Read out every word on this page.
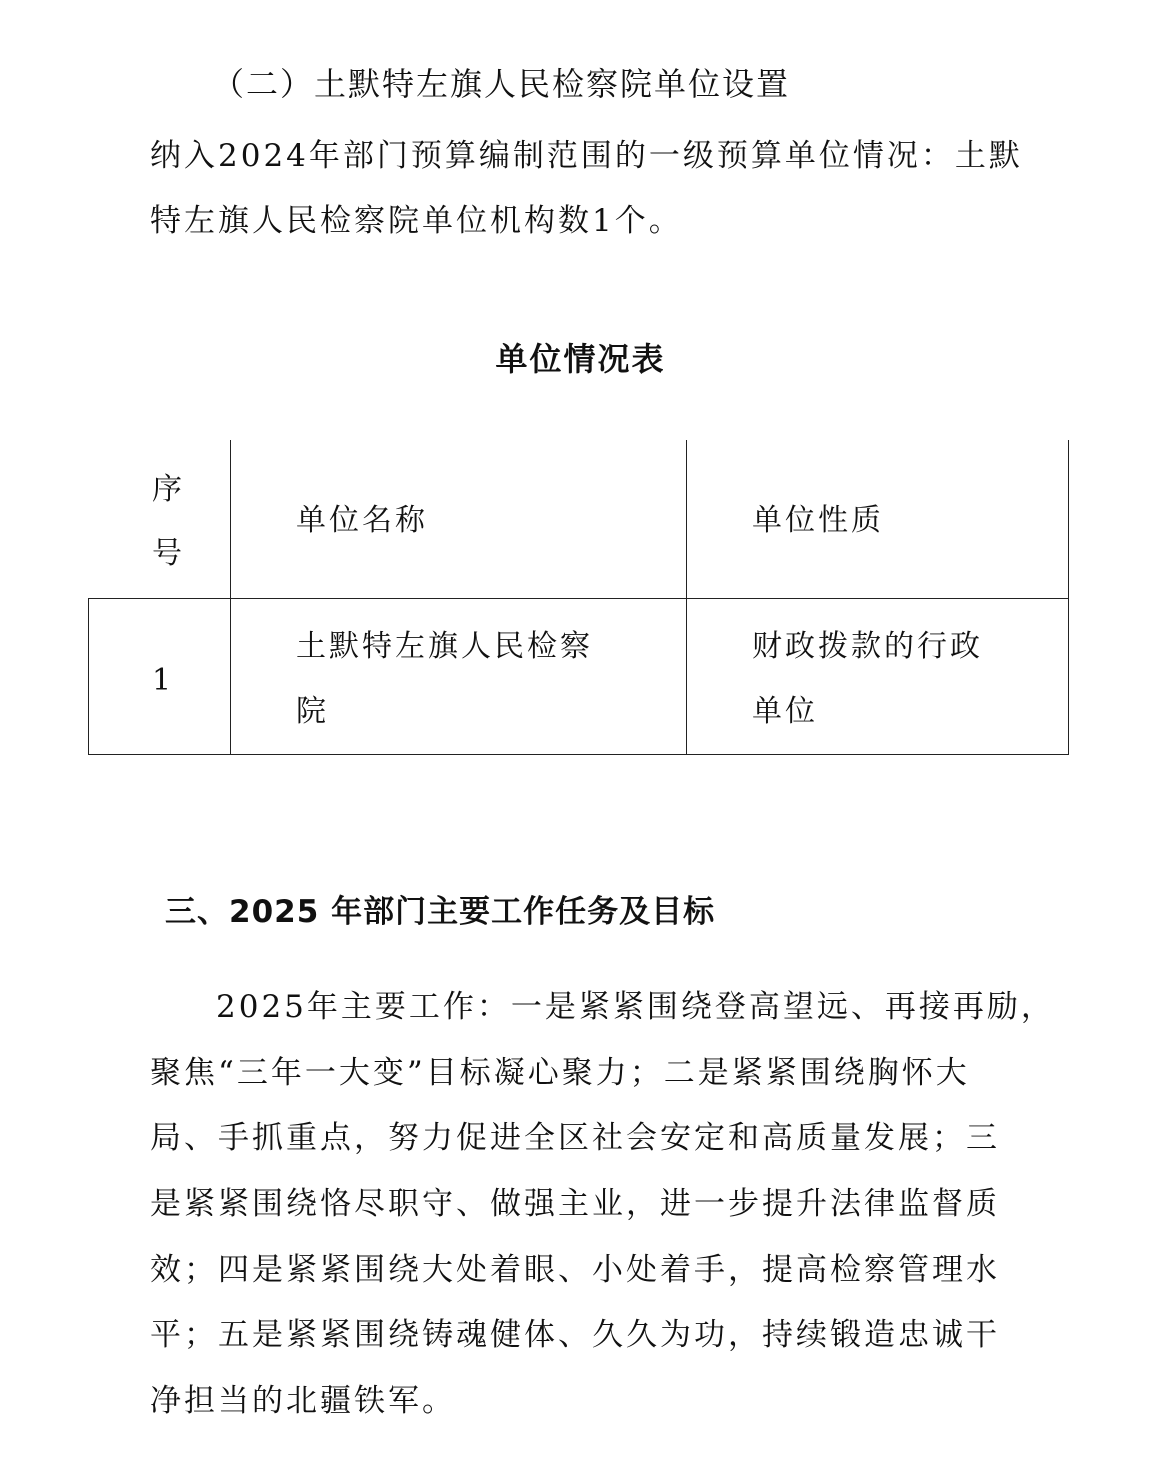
（二）土默特左旗人民检察院单位设置
纳入2024年部门预算编制范围的一级预算单位情况：土默
特左旗人民检察院单位机构数1个。
单位情况表
序
号
单位名称	单位性质
1
土默特左旗人民检察
院
财政拨款的行政
单位
三、2025 年部门主要工作任务及目标
2025年主要工作：一是紧紧围绕登高望远、再接再励，
聚焦“三年一大变”目标凝心聚力；二是紧紧围绕胸怀大
局、手抓重点，努力促进全区社会安定和高质量发展；三
是紧紧围绕恪尽职守、做强主业，进一步提升法律监督质
效；四是紧紧围绕大处着眼、小处着手，提高检察管理水
平；五是紧紧围绕铸魂健体、久久为功，持续锻造忠诚干
净担当的北疆铁军。
